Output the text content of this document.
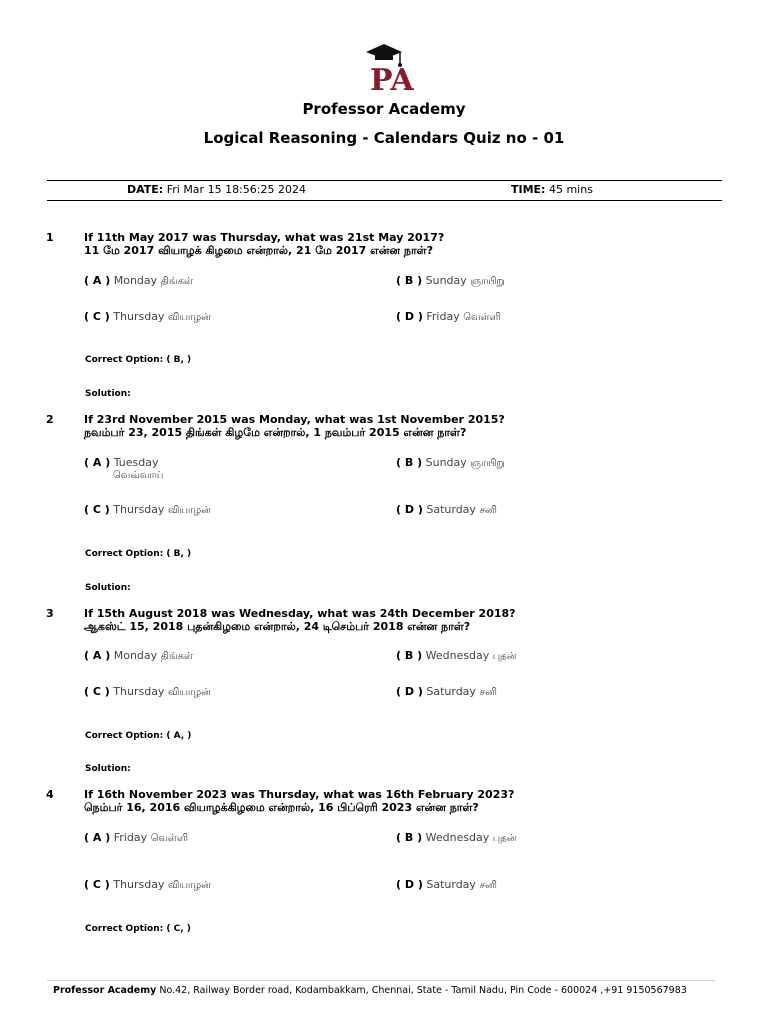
PA
Professor Academy
Logical Reasoning - Calendars Quiz no - 01
DATE: Fri Mar 15 18:56:25 2024	TIME: 45 mins
1	If 11th May 2017 was Thursday, what was 21st May 2017?
11 மே 2017 வியாழக் கிழமை என்றால், 21 மே 2017 என்ன நாள்?
( A ) Monday திங்கள்	( B ) Sunday ஞாயிறு
( C ) Thursday வியாழன்	( D ) Friday வெள்ளி
Correct Option: ( B, )
Solution:
2	If 23rd November 2015 was Monday, what was 1st November 2015?
நவம்பர் 23, 2015 திங்கள் கிழமே என்றால், 1 நவம்பர் 2015 என்ன நாள்?
( A ) Tuesday
வெவ்வாய்
( B ) Sunday ஞாயிறு
( C ) Thursday வியாழன்	( D ) Saturday சனி
Correct Option: ( B, )
Solution:
3	If 15th August 2018 was Wednesday, what was 24th December 2018?
ஆகஸ்ட் 15, 2018 புதன்கிழமை என்றால், 24 டிசெம்பர் 2018 என்ன நாள்?
( A ) Monday திங்கள்	( B ) Wednesday புதன்
( C ) Thursday வியாழன்	( D ) Saturday சனி
Correct Option: ( A, )
Solution:
4	If 16th November 2023 was Thursday, what was 16th February 2023?
நெம்பர் 16, 2016 வியாழக்கிழமை என்றால், 16 பிப்ரெரி 2023 என்ன நாள்?
( A ) Friday வெள்ளி	( B ) Wednesday புதன்
( C ) Thursday வியாழன்	( D ) Saturday சனி
Correct Option: ( C, )
Professor Academy No.42, Railway Border road, Kodambakkam, Chennai, State - Tamil Nadu, Pin Code - 600024 ,+91 9150567983
